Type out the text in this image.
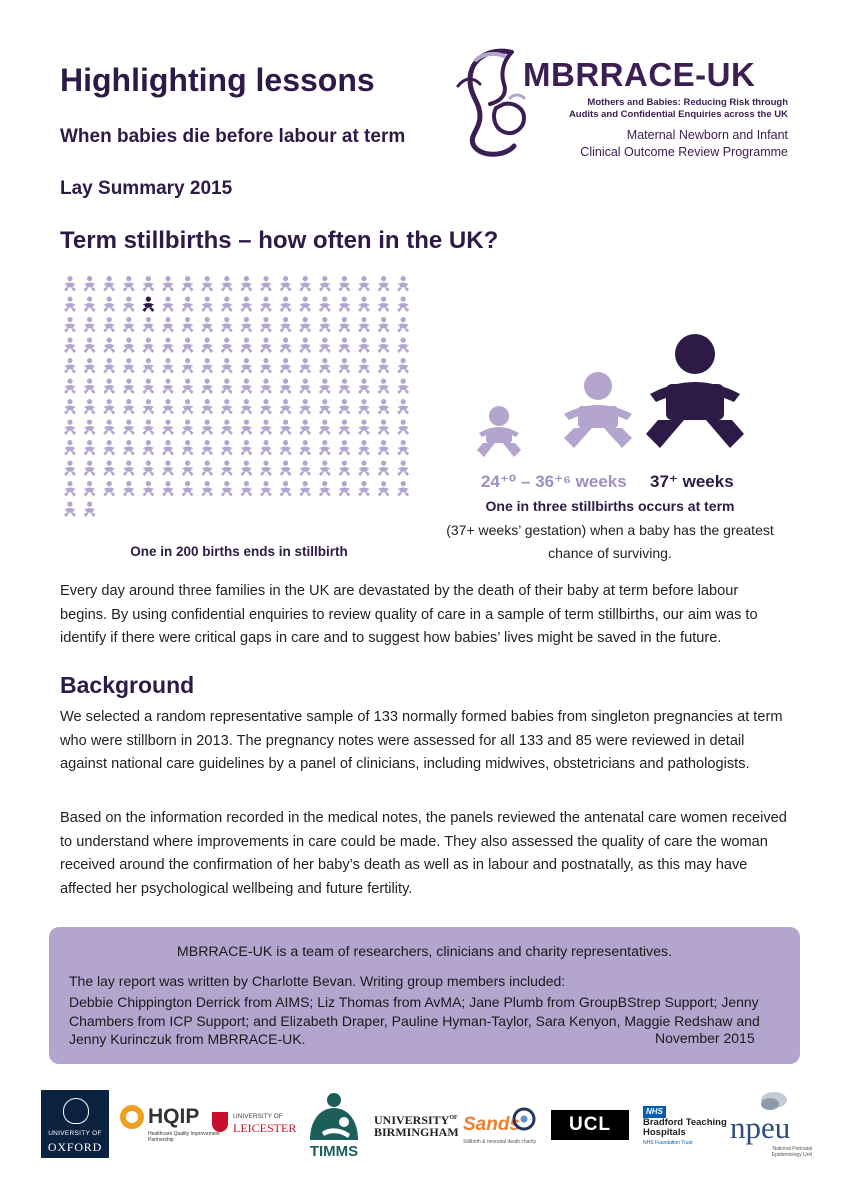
Highlighting lessons
When babies die before labour at term
Lay Summary 2015
MBRRACE-UK
Mothers and Babies: Reducing Risk through
Audits and Confidential Enquiries across the UK
Maternal Newborn and Infant
Clinical Outcome Review Programme
Term stillbirths – how often in the UK?
One in 200 births ends in stillbirth
24⁺⁰ – 36⁺⁶ weeks 37⁺ weeks
One in three stillbirths occurs at term
(37+ weeks’ gestation) when a baby has the greatest chance of surviving.

Every day around three families in the UK are devastated by the death of their baby at term before labour begins. By using confidential enquiries to review quality of care in a sample of term stillbirths, our aim was to identify if there were critical gaps in care and to suggest how babies’ lives might be saved in the future.

Background

We selected a random representative sample of 133 normally formed babies from singleton pregnancies at term who were stillborn in 2013. The pregnancy notes were assessed for all 133 and 85 were reviewed in detail against national care guidelines by a panel of clinicians, including midwives, obstetricians and pathologists.

Based on the information recorded in the medical notes, the panels reviewed the antenatal care women received to understand where improvements in care could be made. They also assessed the quality of care the woman received around the confirmation of her baby’s death as well as in labour and postnatally, as this may have affected her psychological wellbeing and future fertility.

MBRRACE-UK is a team of researchers, clinicians and charity representatives.
The lay report was written by Charlotte Bevan. Writing group members included:
Debbie Chippington Derrick from AIMS; Liz Thomas from AvMA; Jane Plumb from GroupBStrep Support; Jenny Chambers from ICP Support; and Elizabeth Draper, Pauline Hyman-Taylor, Sara Kenyon, Maggie Redshaw and Jenny Kurinczuk from MBRRACE-UK.	November 2015
UNIVERSITY OF
OXFORD
HQIP
Healthcare Quality Improvement Partnership
UNIVERSITY OF
LEICESTER
TIMMS
$UNIVERSITY^{OF}$
BIRMINGHAM Sands
Stillbirth & neonatal death charity
UCL
NHS
Bradford Teaching
Hospitals
NHS Foundation Trust	npeu
National Perinatal Epidemiology Unit
